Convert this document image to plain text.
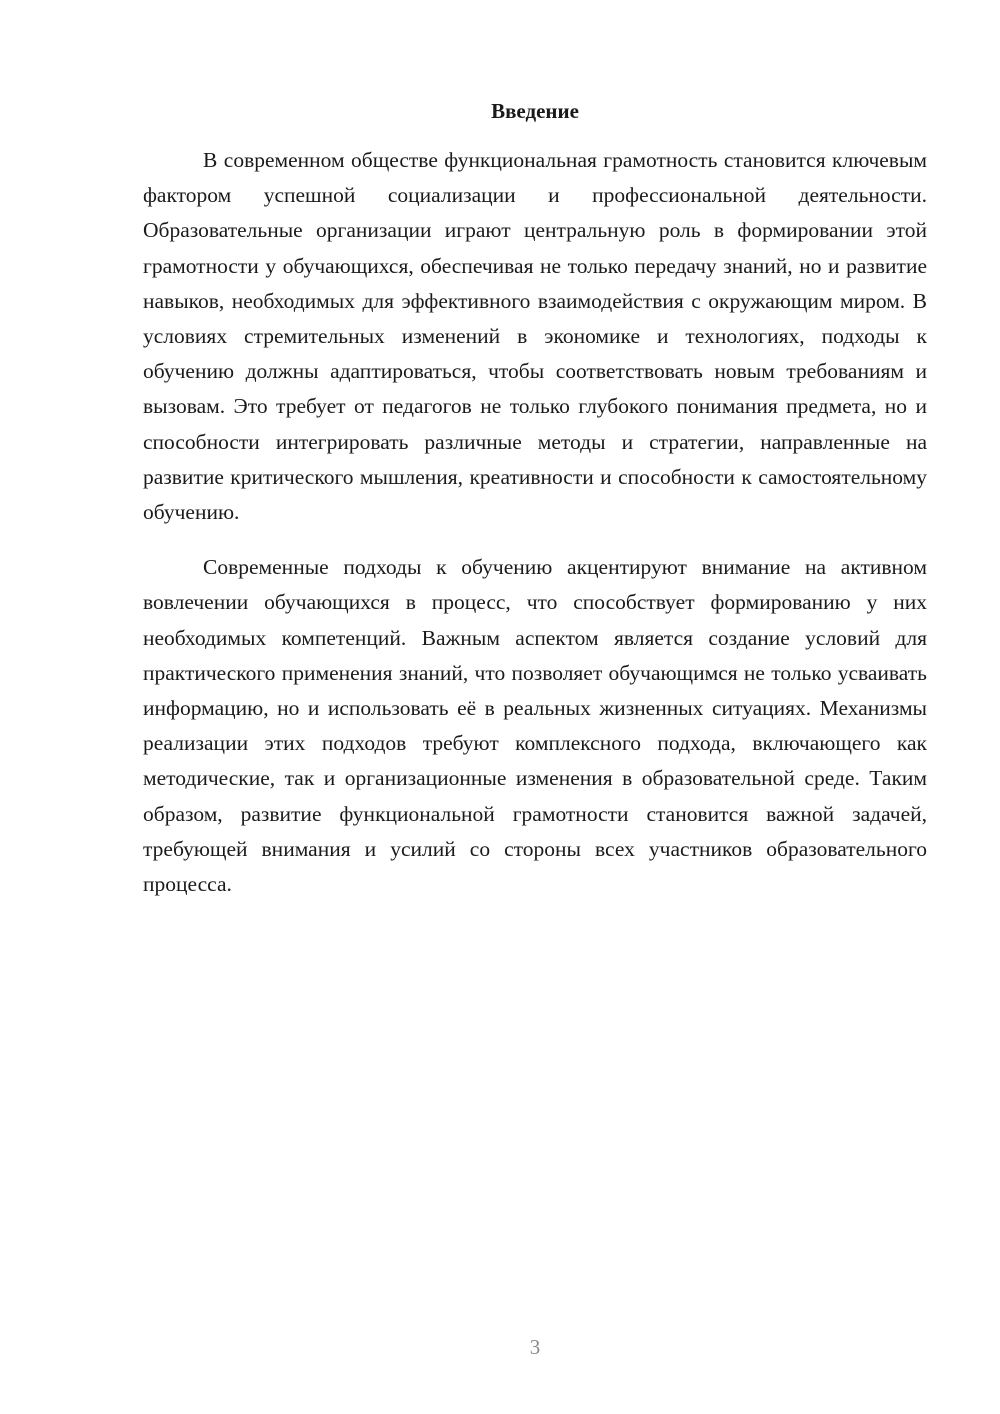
Введение

В современном обществе функциональная грамотность становится ключевым фактором успешной социализации и профессиональной деятельности. Образовательные организации играют центральную роль в формировании этой грамотности у обучающихся, обеспечивая не только передачу знаний, но и развитие навыков, необходимых для эффективного взаимодействия с окружающим миром. В условиях стремительных изменений в экономике и технологиях, подходы к обучению должны адаптироваться, чтобы соответствовать новым требованиям и вызовам. Это требует от педагогов не только глубокого понимания предмета, но и способности интегрировать различные методы и стратегии, направленные на развитие критического мышления, креативности и способности к самостоятельному обучению.

Современные подходы к обучению акцентируют внимание на активном вовлечении обучающихся в процесс, что способствует формированию у них необходимых компетенций. Важным аспектом является создание условий для практического применения знаний, что позволяет обучающимся не только усваивать информацию, но и использовать её в реальных жизненных ситуациях. Механизмы реализации этих подходов требуют комплексного подхода, включающего как методические, так и организационные изменения в образовательной среде. Таким образом, развитие функциональной грамотности становится важной задачей, требующей внимания и усилий со стороны всех участников образовательного процесса.

3
